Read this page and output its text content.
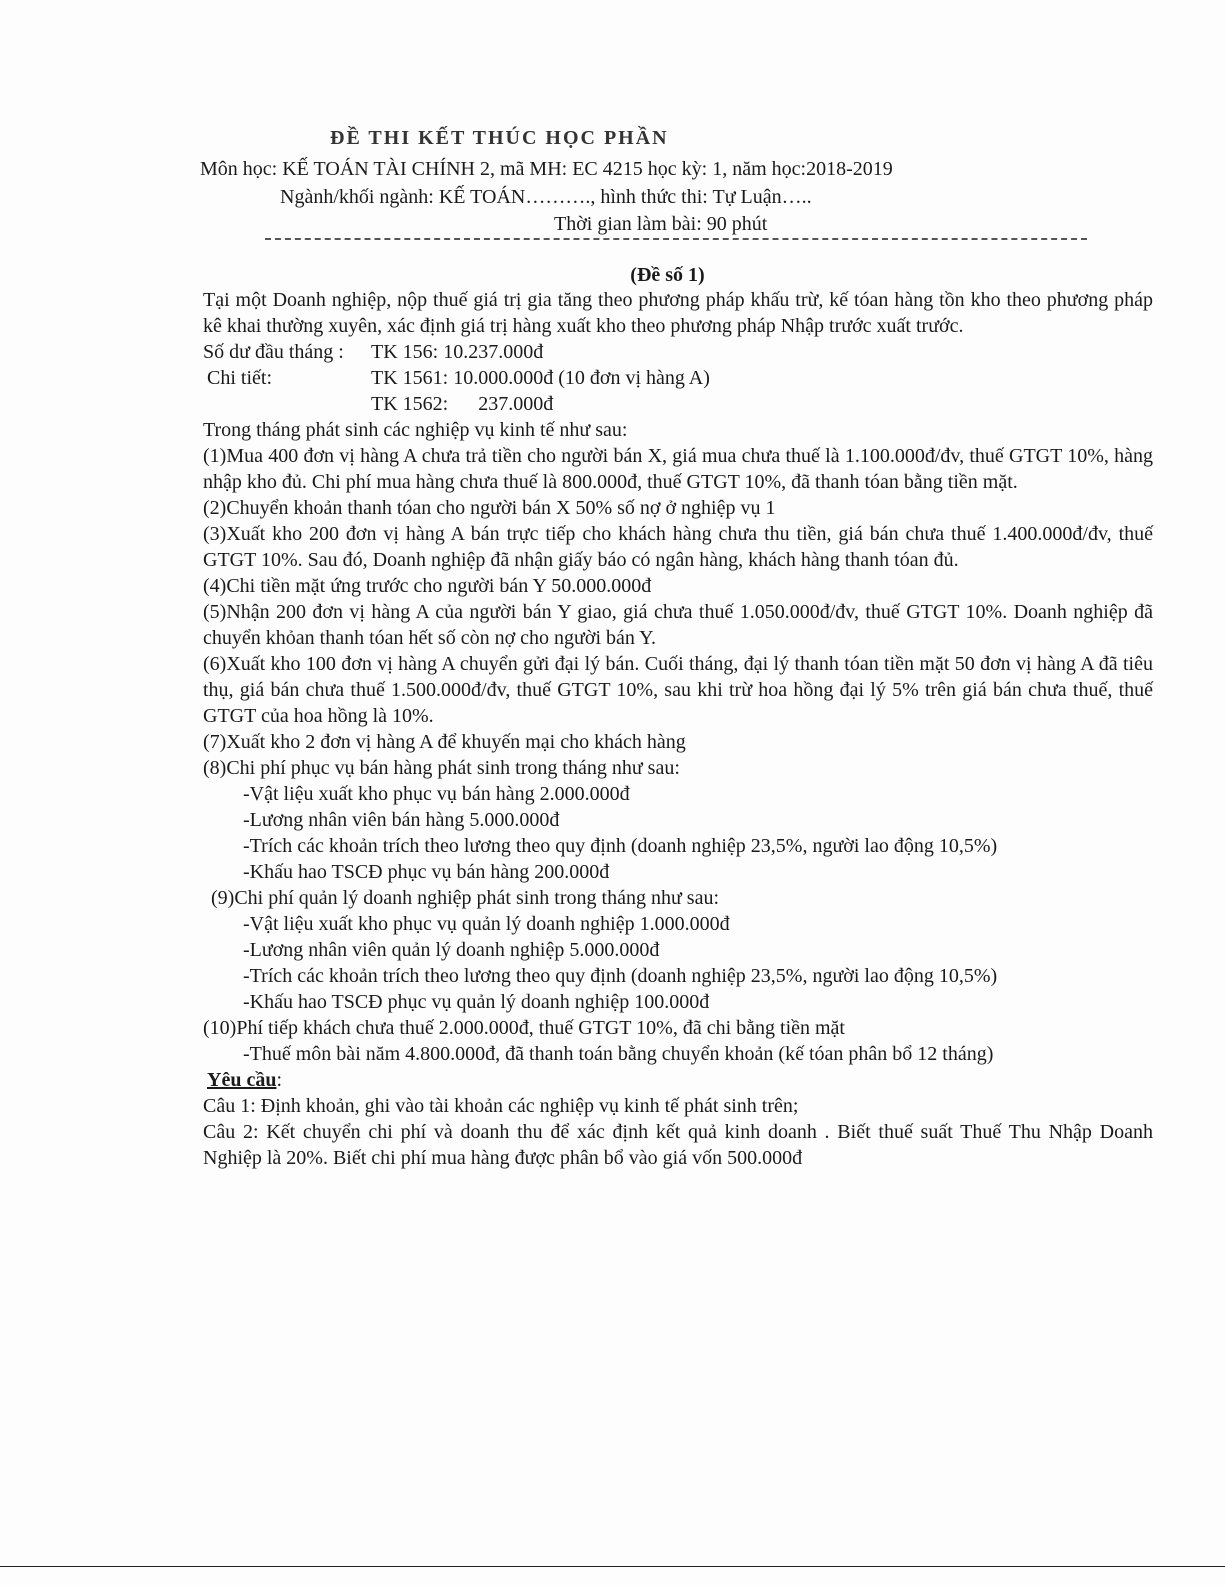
ĐỀ THI KẾT THÚC HỌC PHẦN
Môn học: KẾ TOÁN TÀI CHÍNH 2, mã MH: EC 4215 học kỳ: 1, năm học:2018-2019
Ngành/khối ngành: KẾ TOÁN………., hình thức thi: Tự Luận…..
Thời gian làm bài: 90 phút
(Đề số 1)

Tại một Doanh nghiệp, nộp thuế giá trị gia tăng theo phương pháp khấu trừ, kế tóan hàng tồn kho theo phương pháp kê khai thường xuyên, xác định giá trị hàng xuất kho theo phương pháp Nhập trước xuất trước.

Số dư đầu tháng :	TK 156: 10.237.000đ
Chi tiết:	TK 1561: 10.000.000đ (10 đơn vị hàng A)
TK 1562:      237.000đ

Trong tháng phát sinh các nghiệp vụ kinh tế như sau:

(1)Mua 400 đơn vị hàng A chưa trả tiền cho người bán X, giá mua chưa thuế là 1.100.000đ/đv, thuế GTGT 10%, hàng nhập kho đủ. Chi phí mua hàng chưa thuế là 800.000đ, thuế GTGT 10%, đã thanh tóan bằng tiền mặt.

(2)Chuyển khoản thanh tóan cho người bán X 50% số nợ ở nghiệp vụ 1

(3)Xuất kho 200 đơn vị hàng A bán trực tiếp cho khách hàng chưa thu tiền, giá bán chưa thuế 1.400.000đ/đv, thuế GTGT 10%. Sau đó, Doanh nghiệp đã nhận giấy báo có ngân hàng, khách hàng thanh tóan đủ.

(4)Chi tiền mặt ứng trước cho người bán Y 50.000.000đ

(5)Nhận 200 đơn vị hàng A của người bán Y giao, giá chưa thuế 1.050.000đ/đv, thuế GTGT 10%. Doanh nghiệp đã chuyển khỏan thanh tóan hết số còn nợ cho người bán Y.

(6)Xuất kho 100 đơn vị hàng A chuyển gửi đại lý bán. Cuối tháng, đại lý thanh tóan tiền mặt 50 đơn vị hàng A đã tiêu thụ, giá bán chưa thuế 1.500.000đ/đv, thuế GTGT 10%, sau khi trừ hoa hồng đại lý 5% trên giá bán chưa thuế, thuế GTGT của hoa hồng là 10%.

(7)Xuất kho 2 đơn vị hàng A để khuyến mại cho khách hàng

(8)Chi phí phục vụ bán hàng phát sinh trong tháng như sau:

-Vật liệu xuất kho phục vụ bán hàng 2.000.000đ

-Lương nhân viên bán hàng 5.000.000đ

-Trích các khoản trích theo lương theo quy định (doanh nghiệp 23,5%, người lao động 10,5%)

-Khấu hao TSCĐ phục vụ bán hàng 200.000đ

(9)Chi phí quản lý doanh nghiệp phát sinh trong tháng như sau:

-Vật liệu xuất kho phục vụ quản lý doanh nghiệp 1.000.000đ

-Lương nhân viên quản lý doanh nghiệp 5.000.000đ

-Trích các khoản trích theo lương theo quy định (doanh nghiệp 23,5%, người lao động 10,5%)

-Khấu hao TSCĐ phục vụ quản lý doanh nghiệp 100.000đ

(10)Phí tiếp khách chưa thuế 2.000.000đ, thuế GTGT 10%, đã chi bằng tiền mặt

-Thuế môn bài năm 4.800.000đ, đã thanh toán bằng chuyển khoản (kế tóan phân bổ 12 tháng)

Yêu cầu:

Câu 1: Định khoản, ghi vào tài khoản các nghiệp vụ kinh tế phát sinh trên;

Câu 2: Kết chuyển chi phí và doanh thu để xác định kết quả kinh doanh . Biết thuế suất Thuế Thu Nhập Doanh Nghiệp là 20%. Biết chi phí mua hàng được phân bổ vào giá vốn 500.000đ
